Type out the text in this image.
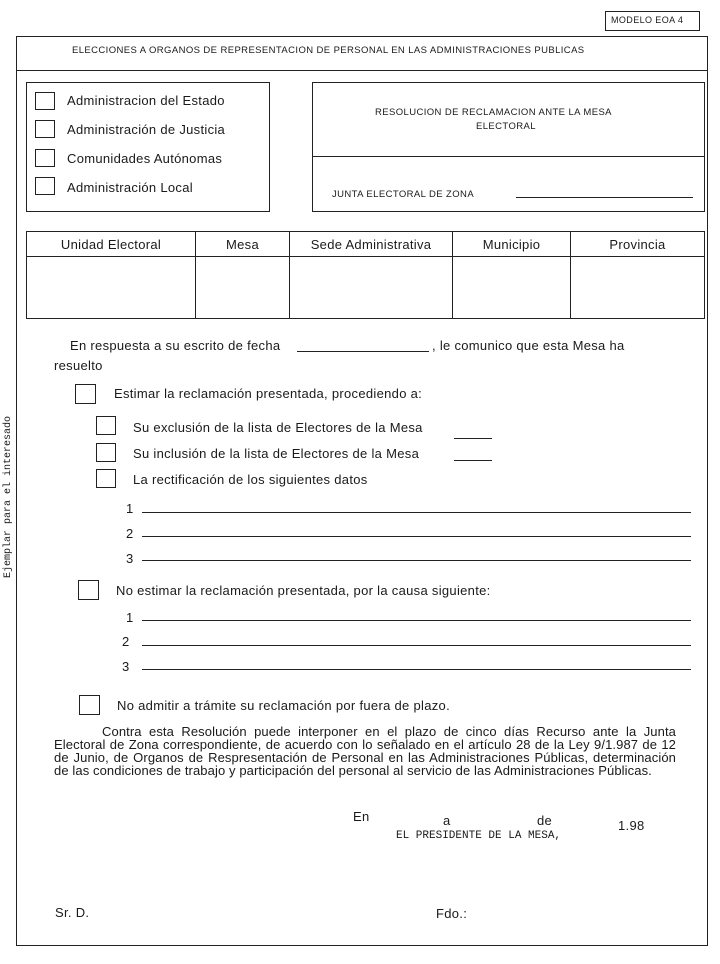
Ejemplar para el interesado
MODELO EOA 4
ELECCIONES A ORGANOS DE REPRESENTACION DE PERSONAL EN LAS ADMINISTRACIONES PUBLICAS
Administracion del Estado
Administración de Justicia
Comunidades Autónomas
Administración Local
RESOLUCION DE RECLAMACION ANTE LA MESA
ELECTORAL
JUNTA ELECTORAL DE ZONA
Unidad Electoral	Mesa	Sede Administrativa	Municipio	Provincia

En respuesta a su escrito de fecha	, le comunico que esta Mesa ha
resuelto
Estimar la reclamación presentada, procediendo a:
Su exclusión de la lista de Electores de la Mesa
Su inclusión de la lista de Electores de la Mesa
La rectificación de los siguientes datos
1
2
3
No estimar la reclamación presentada, por la causa siguiente:
1
2
3
No admitir a trámite su reclamación por fuera de plazo.
Contra esta Resolución puede interponer en el plazo de cinco días Recurso ante la Junta Electoral de Zona correspondiente, de acuerdo con lo señalado en el artículo 28 de la Ley 9/1.987 de 12 de Junio, de Organos de Respresentación de Personal en las Administraciones Públicas, determinación de las condiciones de trabajo y participación del personal al servicio de las Administraciones Públicas.
En	a	de	1.98
EL PRESIDENTE DE LA MESA,
Sr. D.	Fdo.:
